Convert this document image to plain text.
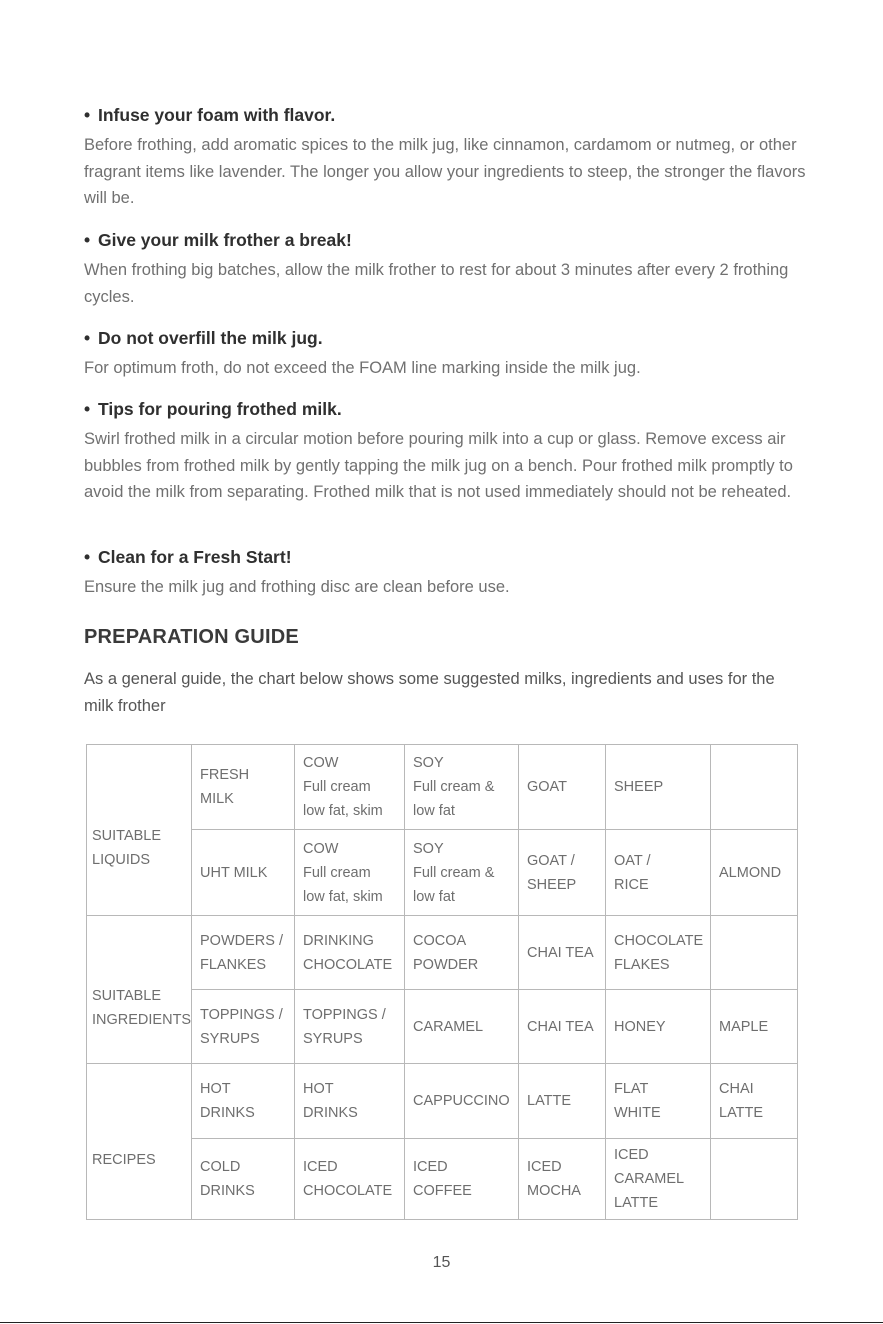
• Infuse your foam with flavor.

Before frothing, add aromatic spices to the milk jug, like cinnamon, cardamom or nutmeg, or other fragrant items like lavender. The longer you allow your ingredients to steep, the stronger the flavors will be.

• Give your milk frother a break!

When frothing big batches, allow the milk frother to rest for about 3 minutes after every 2 frothing cycles.

• Do not overfill the milk jug.

For optimum froth, do not exceed the FOAM line marking inside the milk jug.

• Tips for pouring frothed milk.

Swirl frothed milk in a circular motion before pouring milk into a cup or glass. Remove excess air bubbles from frothed milk by gently tapping the milk jug on a bench. Pour frothed milk promptly to avoid the milk from separating. Frothed milk that is not used immediately should not be reheated.

• Clean for a Fresh Start!

Ensure the milk jug and frothing disc are clean before use.

PREPARATION GUIDE

As a general guide, the chart below shows some suggested milks, ingredients and uses for the milk frother

SUITABLE LIQUIDS	FRESH MILK	COW
Full cream
low fat, skim	SOY
Full cream &
low fat	GOAT	SHEEP	
	UHT MILK	COW
Full cream
low fat, skim	SOY
Full cream &
low fat	GOAT /
SHEEP	OAT /
RICE	ALMOND
SUITABLE INGREDIENTS	POWDERS /
FLANKES	DRINKING
CHOCOLATE	COCOA
POWDER	CHAI TEA	CHOCOLATE
FLAKES	
	TOPPINGS /
SYRUPS	TOPPINGS /
SYRUPS	CARAMEL	CHAI TEA	HONEY	MAPLE
RECIPES	HOT
DRINKS	HOT
DRINKS	CAPPUCCINO	LATTE	FLAT
WHITE	CHAI
LATTE
	COLD
DRINKS	ICED
CHOCOLATE	ICED
COFFEE	ICED
MOCHA	ICED
CARAMEL
LATTE	
15
